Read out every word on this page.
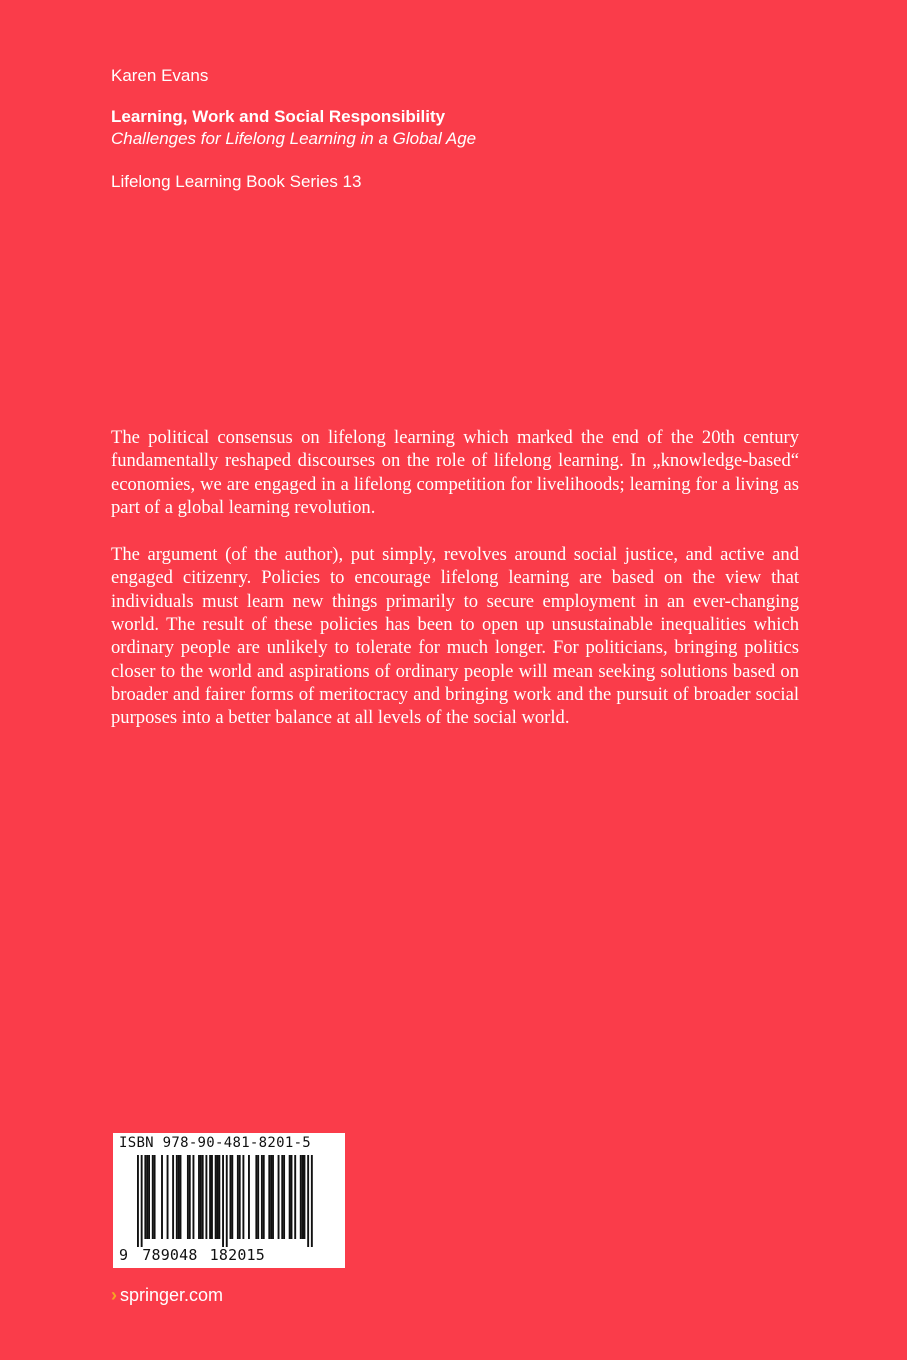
Karen Evans
Learning, Work and Social Responsibility
Challenges for Lifelong Learning in a Global Age
Lifelong Learning Book Series 13

The political consensus on lifelong learning which marked the end of the 20th century fundamentally reshaped discourses on the role of lifelong learning. In „knowledge-based“ economies, we are engaged in a lifelong competition for livelihoods; learning for a living as part of a global learning revolution.

The argument (of the author), put simply, revolves around social justice, and active and engaged citizenry. Policies to encourage lifelong learning are based on the view that individuals must learn new things primarily to secure employment in an ever-changing world. The result of these policies has been to open up unsustainable inequalities which ordinary people are unlikely to tolerate for much longer. For politicians, bringing politics closer to the world and aspirations of ordinary people will mean seeking solutions based on broader and fairer forms of meritocracy and bringing work and the pursuit of broader social purposes into a better balance at all levels of the social world.

ISBN 978-90-481-8201-5
9 789048 182015
› springer.com
